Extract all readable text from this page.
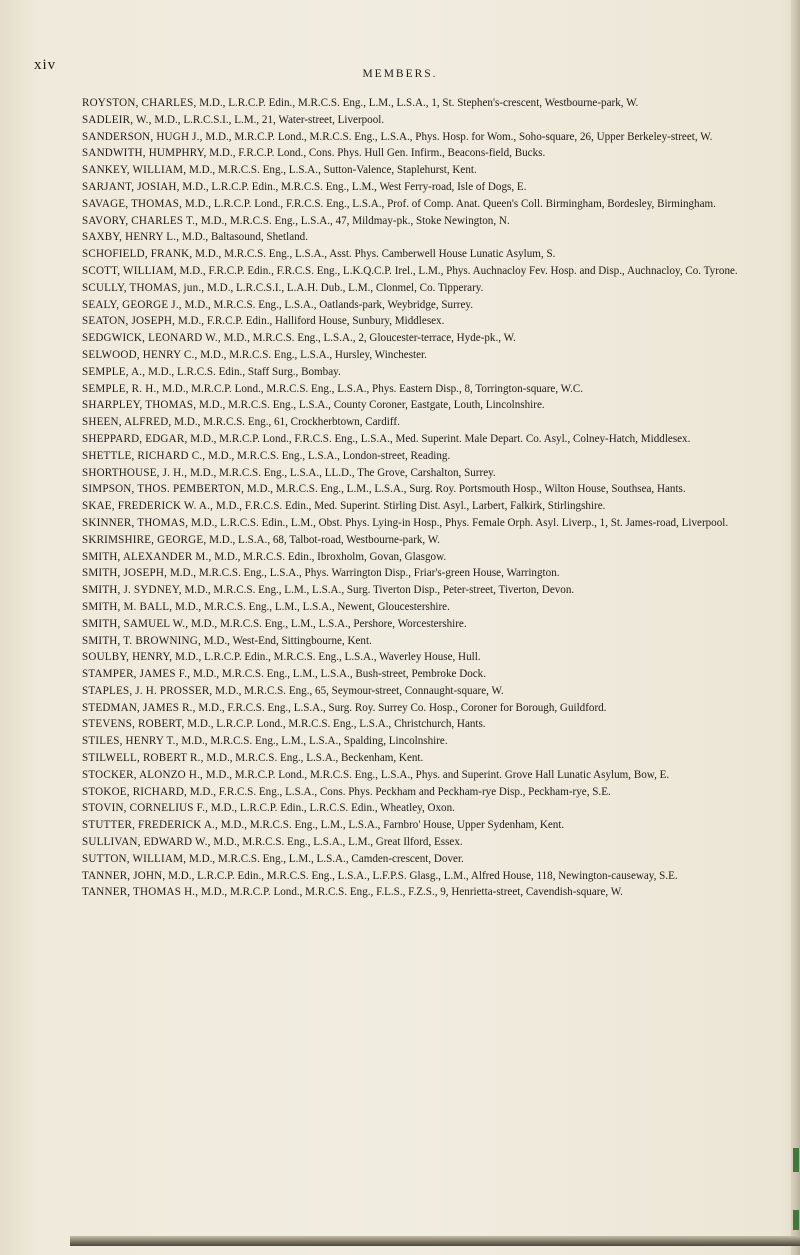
xiv
MEMBERS.

ROYSTON, CHARLES, M.D., L.R.C.P. Edin., M.R.C.S. Eng., L.M., L.S.A., 1, St. Stephen's-crescent, Westbourne-park, W.

SADLEIR, W., M.D., L.R.C.S.I., L.M., 21, Water-street, Liverpool.

SANDERSON, HUGH J., M.D., M.R.C.P. Lond., M.R.C.S. Eng., L.S.A., Phys. Hosp. for Wom., Soho-square, 26, Upper Berkeley-street, W.

SANDWITH, HUMPHRY, M.D., F.R.C.P. Lond., Cons. Phys. Hull Gen. Infirm., Beacons-field, Bucks.

SANKEY, WILLIAM, M.D., M.R.C.S. Eng., L.S.A., Sutton-Valence, Staplehurst, Kent.

SARJANT, JOSIAH, M.D., L.R.C.P. Edin., M.R.C.S. Eng., L.M., West Ferry-road, Isle of Dogs, E.

SAVAGE, THOMAS, M.D., L.R.C.P. Lond., F.R.C.S. Eng., L.S.A., Prof. of Comp. Anat. Queen's Coll. Birmingham, Bordesley, Birmingham.

SAVORY, CHARLES T., M.D., M.R.C.S. Eng., L.S.A., 47, Mildmay-pk., Stoke Newington, N.

SAXBY, HENRY L., M.D., Baltasound, Shetland.

SCHOFIELD, FRANK, M.D., M.R.C.S. Eng., L.S.A., Asst. Phys. Camberwell House Lunatic Asylum, S.

SCOTT, WILLIAM, M.D., F.R.C.P. Edin., F.R.C.S. Eng., L.K.Q.C.P. Irel., L.M., Phys. Auchnacloy Fev. Hosp. and Disp., Auchnacloy, Co. Tyrone.

SCULLY, THOMAS, jun., M.D., L.R.C.S.I., L.A.H. Dub., L.M., Clonmel, Co. Tipperary.

SEALY, GEORGE J., M.D., M.R.C.S. Eng., L.S.A., Oatlands-park, Weybridge, Surrey.

SEATON, JOSEPH, M.D., F.R.C.P. Edin., Halliford House, Sunbury, Middlesex.

SEDGWICK, LEONARD W., M.D., M.R.C.S. Eng., L.S.A., 2, Gloucester-terrace, Hyde-pk., W.

SELWOOD, HENRY C., M.D., M.R.C.S. Eng., L.S.A., Hursley, Winchester.

SEMPLE, A., M.D., L.R.C.S. Edin., Staff Surg., Bombay.

SEMPLE, R. H., M.D., M.R.C.P. Lond., M.R.C.S. Eng., L.S.A., Phys. Eastern Disp., 8, Torrington-square, W.C.

SHARPLEY, THOMAS, M.D., M.R.C.S. Eng., L.S.A., County Coroner, Eastgate, Louth, Lincolnshire.

SHEEN, ALFRED, M.D., M.R.C.S. Eng., 61, Crockherbtown, Cardiff.

SHEPPARD, EDGAR, M.D., M.R.C.P. Lond., F.R.C.S. Eng., L.S.A., Med. Superint. Male Depart. Co. Asyl., Colney-Hatch, Middlesex.

SHETTLE, RICHARD C., M.D., M.R.C.S. Eng., L.S.A., London-street, Reading.

SHORTHOUSE, J. H., M.D., M.R.C.S. Eng., L.S.A., LL.D., The Grove, Carshalton, Surrey.

SIMPSON, THOS. PEMBERTON, M.D., M.R.C.S. Eng., L.M., L.S.A., Surg. Roy. Portsmouth Hosp., Wilton House, Southsea, Hants.

SKAE, FREDERICK W. A., M.D., F.R.C.S. Edin., Med. Superint. Stirling Dist. Asyl., Larbert, Falkirk, Stirlingshire.

SKINNER, THOMAS, M.D., L.R.C.S. Edin., L.M., Obst. Phys. Lying-in Hosp., Phys. Female Orph. Asyl. Liverp., 1, St. James-road, Liverpool.

SKRIMSHIRE, GEORGE, M.D., L.S.A., 68, Talbot-road, Westbourne-park, W.

SMITH, ALEXANDER M., M.D., M.R.C.S. Edin., Ibroxholm, Govan, Glasgow.

SMITH, JOSEPH, M.D., M.R.C.S. Eng., L.S.A., Phys. Warrington Disp., Friar's-green House, Warrington.

SMITH, J. SYDNEY, M.D., M.R.C.S. Eng., L.M., L.S.A., Surg. Tiverton Disp., Peter-street, Tiverton, Devon.

SMITH, M. BALL, M.D., M.R.C.S. Eng., L.M., L.S.A., Newent, Gloucestershire.

SMITH, SAMUEL W., M.D., M.R.C.S. Eng., L.M., L.S.A., Pershore, Worcestershire.

SMITH, T. BROWNING, M.D., West-End, Sittingbourne, Kent.

SOULBY, HENRY, M.D., L.R.C.P. Edin., M.R.C.S. Eng., L.S.A., Waverley House, Hull.

STAMPER, JAMES F., M.D., M.R.C.S. Eng., L.M., L.S.A., Bush-street, Pembroke Dock.

STAPLES, J. H. PROSSER, M.D., M.R.C.S. Eng., 65, Seymour-street, Connaught-square, W.

STEDMAN, JAMES R., M.D., F.R.C.S. Eng., L.S.A., Surg. Roy. Surrey Co. Hosp., Coroner for Borough, Guildford.

STEVENS, ROBERT, M.D., L.R.C.P. Lond., M.R.C.S. Eng., L.S.A., Christchurch, Hants.

STILES, HENRY T., M.D., M.R.C.S. Eng., L.M., L.S.A., Spalding, Lincolnshire.

STILWELL, ROBERT R., M.D., M.R.C.S. Eng., L.S.A., Beckenham, Kent.

STOCKER, ALONZO H., M.D., M.R.C.P. Lond., M.R.C.S. Eng., L.S.A., Phys. and Superint. Grove Hall Lunatic Asylum, Bow, E.

STOKOE, RICHARD, M.D., F.R.C.S. Eng., L.S.A., Cons. Phys. Peckham and Peckham-rye Disp., Peckham-rye, S.E.

STOVIN, CORNELIUS F., M.D., L.R.C.P. Edin., L.R.C.S. Edin., Wheatley, Oxon.

STUTTER, FREDERICK A., M.D., M.R.C.S. Eng., L.M., L.S.A., Farnbro' House, Upper Sydenham, Kent.

SULLIVAN, EDWARD W., M.D., M.R.C.S. Eng., L.S.A., L.M., Great Ilford, Essex.

SUTTON, WILLIAM, M.D., M.R.C.S. Eng., L.M., L.S.A., Camden-crescent, Dover.

TANNER, JOHN, M.D., L.R.C.P. Edin., M.R.C.S. Eng., L.S.A., L.F.P.S. Glasg., L.M., Alfred House, 118, Newington-causeway, S.E.

TANNER, THOMAS H., M.D., M.R.C.P. Lond., M.R.C.S. Eng., F.L.S., F.Z.S., 9, Henrietta-street, Cavendish-square, W.
